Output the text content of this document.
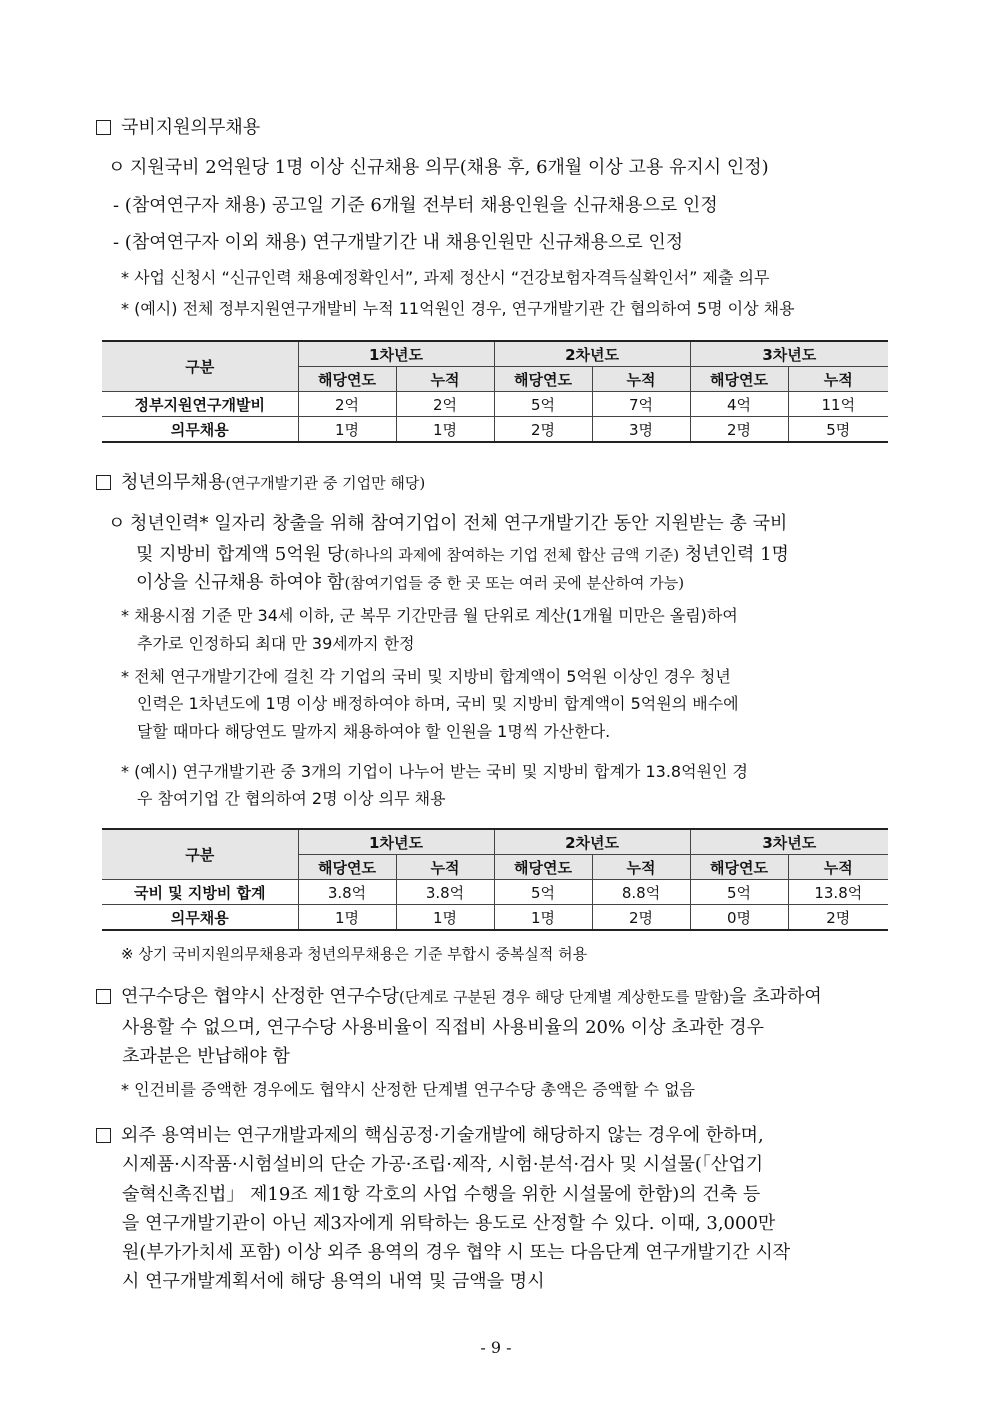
국비지원의무채용
ㅇ 지원국비 2억원당 1명 이상 신규채용 의무(채용 후, 6개월 이상 고용 유지시 인정)
- (참여연구자 채용) 공고일 기준 6개월 전부터 채용인원을 신규채용으로 인정
- (참여연구자 이외 채용) 연구개발기간 내 채용인원만 신규채용으로 인정
* 사업 신청시 “신규인력 채용예정확인서”, 과제 정산시 “건강보험자격득실확인서” 제출 의무
* (예시) 전체 정부지원연구개발비 누적 11억원인 경우, 연구개발기관 간 협의하여 5명 이상 채용
구분	1차년도		2차년도		3차년도	
	해당연도	누적	해당연도	누적	해당연도	누적
정부지원연구개발비	2억	2억	5억	7억	4억	11억
의무채용	1명	1명	2명	3명	2명	5명
청년의무채용(연구개발기관 중 기업만 해당)
ㅇ 청년인력* 일자리 창출을 위해 참여기업이 전체 연구개발기간 동안 지원받는 총 국비
및 지방비 합계액 5억원 당(하나의 과제에 참여하는 기업 전체 합산 금액 기준) 청년인력 1명
이상을 신규채용 하여야 함(참여기업들 중 한 곳 또는 여러 곳에 분산하여 가능)
* 채용시점 기준 만 34세 이하, 군 복무 기간만큼 월 단위로 계산(1개월 미만은 올림)하여
추가로 인정하되 최대 만 39세까지 한정
* 전체 연구개발기간에 걸친 각 기업의 국비 및 지방비 합계액이 5억원 이상인 경우 청년
인력은 1차년도에 1명 이상 배정하여야 하며, 국비 및 지방비 합계액이 5억원의 배수에
달할 때마다 해당연도 말까지 채용하여야 할 인원을 1명씩 가산한다.
* (예시) 연구개발기관 중 3개의 기업이 나누어 받는 국비 및 지방비 합계가 13.8억원인 경
우 참여기업 간 협의하여 2명 이상 의무 채용
구분	1차년도		2차년도		3차년도	
	해당연도	누적	해당연도	누적	해당연도	누적
국비 및 지방비 합계	3.8억	3.8억	5억	8.8억	5억	13.8억
의무채용	1명	1명	1명	2명	0명	2명
※ 상기 국비지원의무채용과 청년의무채용은 기준 부합시 중복실적 허용
연구수당은 협약시 산정한 연구수당(단계로 구분된 경우 해당 단계별 계상한도를 말함)을 초과하여
사용할 수 없으며, 연구수당 사용비율이 직접비 사용비율의 20% 이상 초과한 경우
초과분은 반납해야 함
* 인건비를 증액한 경우에도 협약시 산정한 단계별 연구수당 총액은 증액할 수 없음
외주 용역비는 연구개발과제의 핵심공정·기술개발에 해당하지 않는 경우에 한하며,
시제품·시작품·시험설비의 단순 가공·조립·제작, 시험·분석·검사 및 시설물(「산업기
술혁신촉진법」 제19조 제1항 각호의 사업 수행을 위한 시설물에 한함)의 건축 등
을 연구개발기관이 아닌 제3자에게 위탁하는 용도로 산정할 수 있다. 이때, 3,000만
원(부가가치세 포함) 이상 외주 용역의 경우 협약 시 또는 다음단계 연구개발기간 시작
시 연구개발계획서에 해당 용역의 내역 및 금액을 명시
- 9 -
